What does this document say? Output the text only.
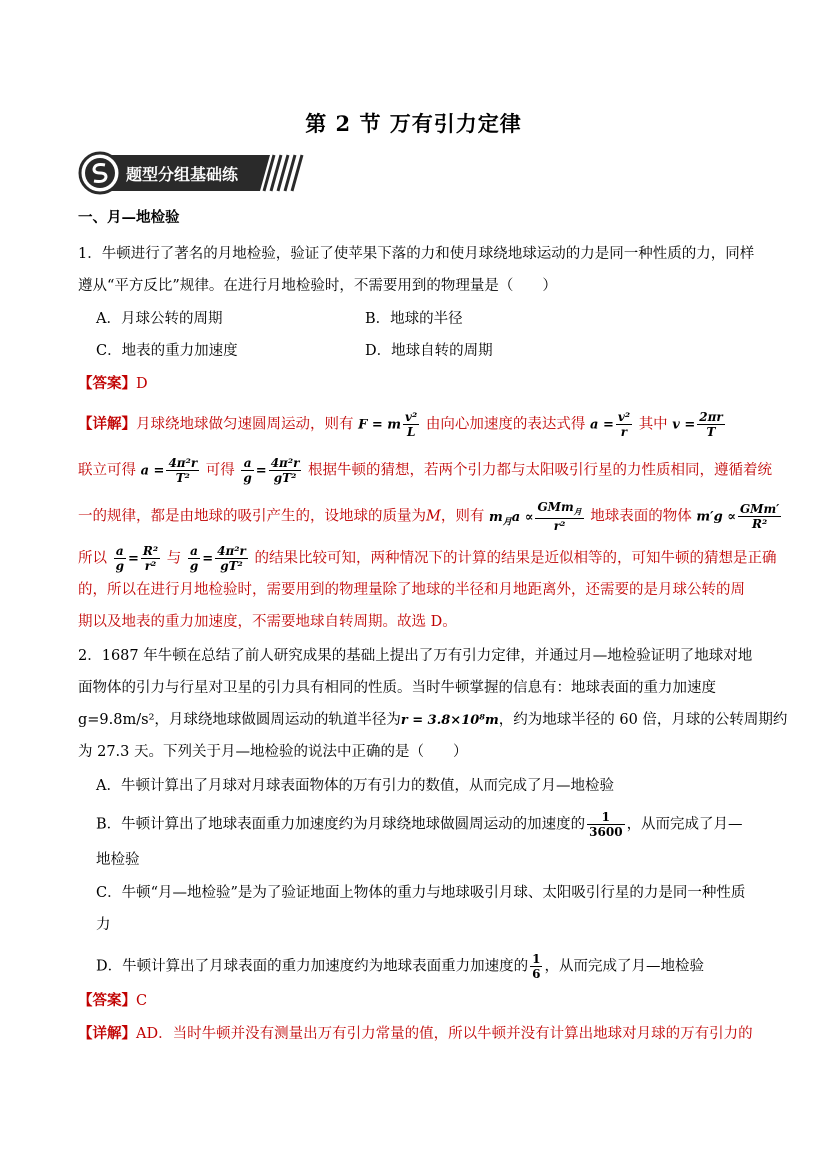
第 2 节 万有引力定律
题型分组基础练
一、月—地检验
1．牛顿进行了著名的月地检验，验证了使苹果下落的力和使月球绕地球运动的力是同一种性质的力，同样
遵从“平方反比”规律。在进行月地检验时，不需要用到的物理量是（　　）
A．月球公转的周期	B．地球的半径
C．地表的重力加速度	D．地球自转的周期
【答案】D
【详解】月球绕地球做匀速圆周运动，则有 F = m $\frac{\text{v²}}{L}$ 由向心加速度的表达式得 $a = \frac{\text{v²}}{r}$ 其中 $v = \frac{2\pi r}{T}$
联立可得 $a = \frac{\text{4π²r}}{\text{T²}}$ 可得 $\frac{a}{g} = \frac{\text{4π²r}}{\text{gT²}}$ 根据牛顿的猜想，若两个引力都与太阳吸引行星的力性质相同，遵循着统
一的规律，都是由地球的吸引产生的，设地球的质量为M，则有 $m_月a \propto \frac{GMm_月}{\text{r²}}$ 地球表面的物体 $m'g \propto \frac{\text{GMm′}}{\text{R²}}$
所以 $\frac{a}{g} = \frac{\text{R²}}{\text{r²}}$ 与 $\frac{a}{g} = \frac{\text{4π²r}}{\text{gT²}}$ 的结果比较可知，两种情况下的计算的结果是近似相等的，可知牛顿的猜想是正确
的，所以在进行月地检验时，需要用到的物理量除了地球的半径和月地距离外，还需要的是月球公转的周
期以及地表的重力加速度，不需要地球自转周期。故选 D。
2．1687 年牛顿在总结了前人研究成果的基础上提出了万有引力定律，并通过月—地检验证明了地球对地
面物体的引力与行星对卫星的引力具有相同的性质。当时牛顿掌握的信息有：地球表面的重力加速度
g=9.8m/s²，月球绕地球做圆周运动的轨道半径为r = 3.8×10⁸m，约为地球半径的 60 倍，月球的公转周期约
为 27.3 天。下列关于月—地检验的说法中正确的是（　　）
A．牛顿计算出了月球对月球表面物体的万有引力的数值，从而完成了月—地检验
B．牛顿计算出了地球表面重力加速度约为月球绕地球做圆周运动的加速度的 $\frac{1}{3600}$ ，从而完成了月—
地检验
C．牛顿“月—地检验”是为了验证地面上物体的重力与地球吸引月球、太阳吸引行星的力是同一种性质
力
D．牛顿计算出了月球表面的重力加速度约为地球表面重力加速度的 $\frac{1}{6}$ ，从而完成了月—地检验
【答案】C
【详解】AD．当时牛顿并没有测量出万有引力常量的值，所以牛顿并没有计算出地球对月球的万有引力的
